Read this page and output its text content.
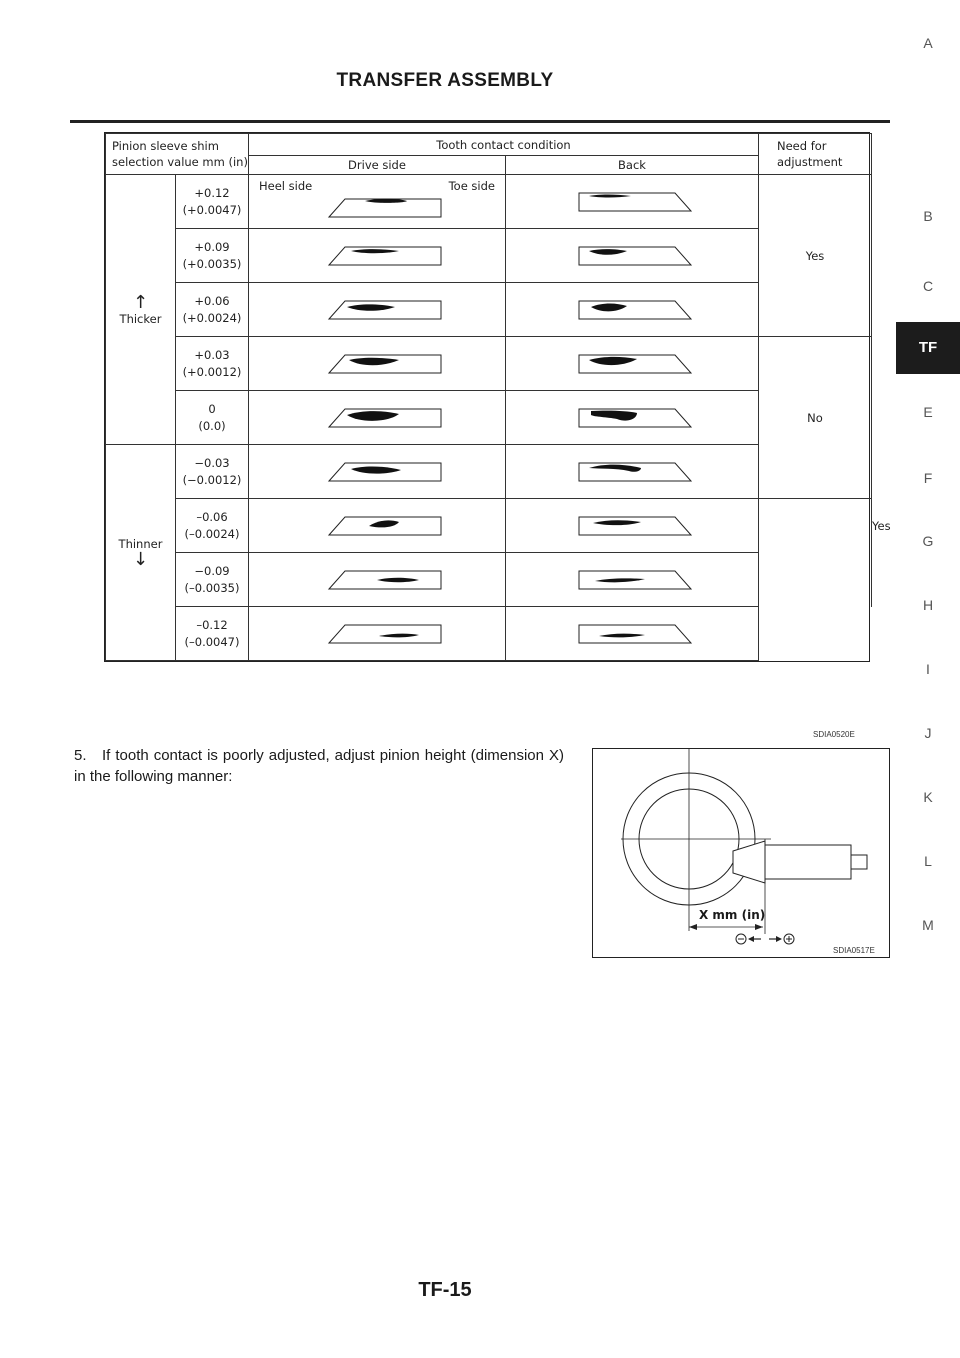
TRANSFER ASSEMBLY
A
B
C
TF
E
F
G
H
I
J
K
L
M
Pinion sleeve shim
selection value mm (in)		Tooth contact condition		Need for
adjustment	
		Drive side	Back		

↑
Thicker	+0.12
(+0.0047)	Heel side Toe side		Yes	
	+0.09
(+0.0035)	

	+0.06
(+0.0024)	

	+0.03
(+0.0012)			No	
	0
(0.0)	

Thinner
↓	−0.03
(−0.0012)				Yes
	–0.06
(–0.0024)	

	−0.09
(–0.0035)	

	–0.12
(–0.0047)	

SDIA0520E
5. If tooth contact is poorly adjusted, adjust pinion height (dimension X) in the following manner:
X mm (in)
SDIA0517E
TF-15
